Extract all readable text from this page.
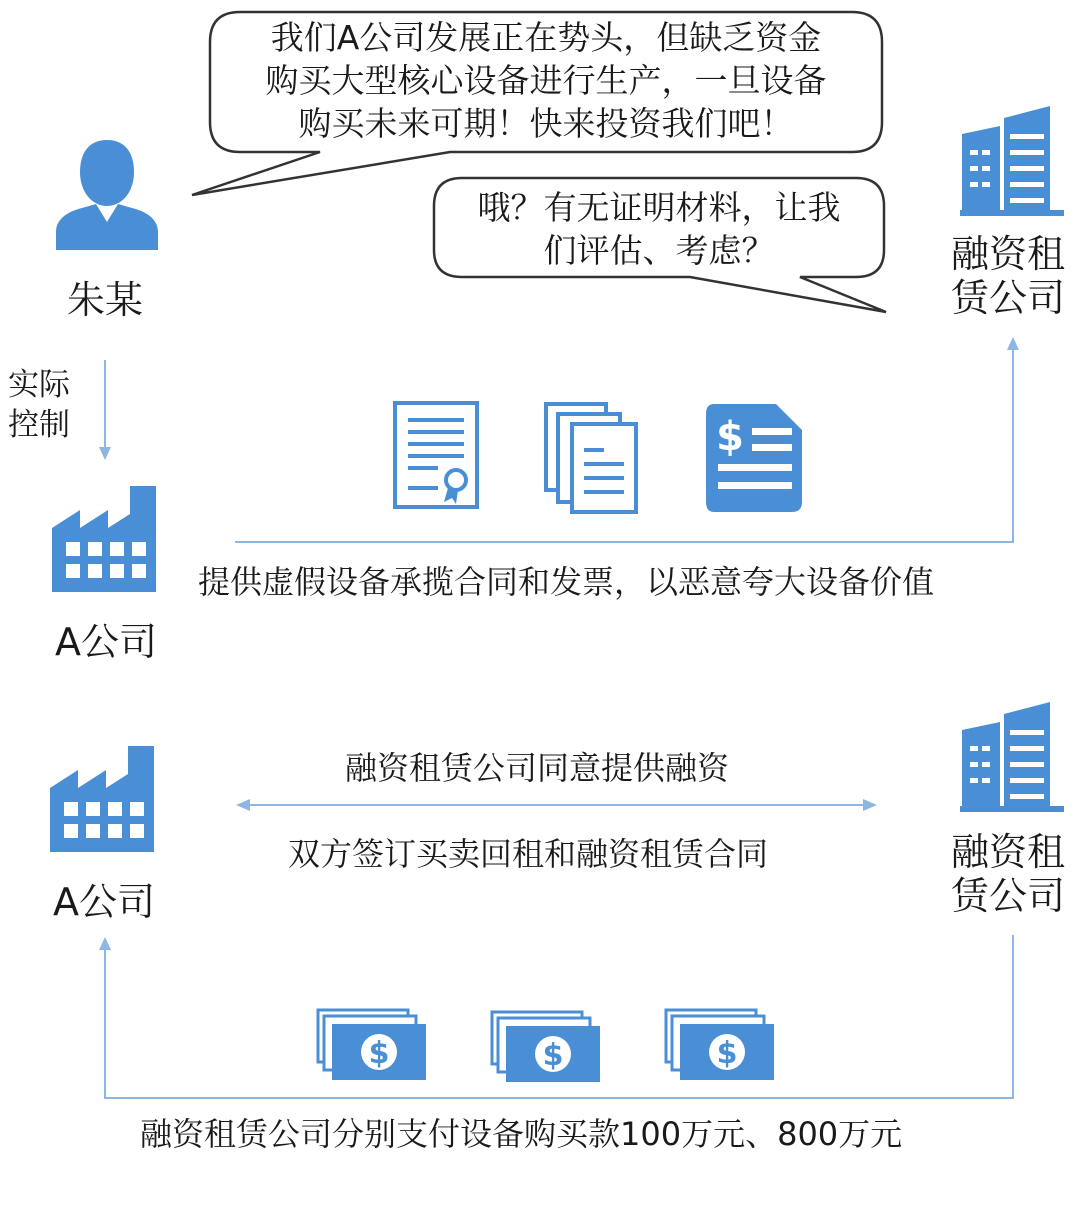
我们A公司发展正在势头，但缺乏资金
购买大型核心设备进行生产，一旦设备
购买未来可期！快来投资我们吧！
哦？有无证明材料，让我
们评估、考虑？
朱某
实际
控制
A公司
融资租
赁公司
$
提供虚假设备承揽合同和发票，以恶意夸大设备价值
A公司
融资租
赁公司
融资租赁公司同意提供融资
双方签订买卖回租和融资租赁合同
$	$	$
融资租赁公司分别支付设备购买款100万元、800万元
